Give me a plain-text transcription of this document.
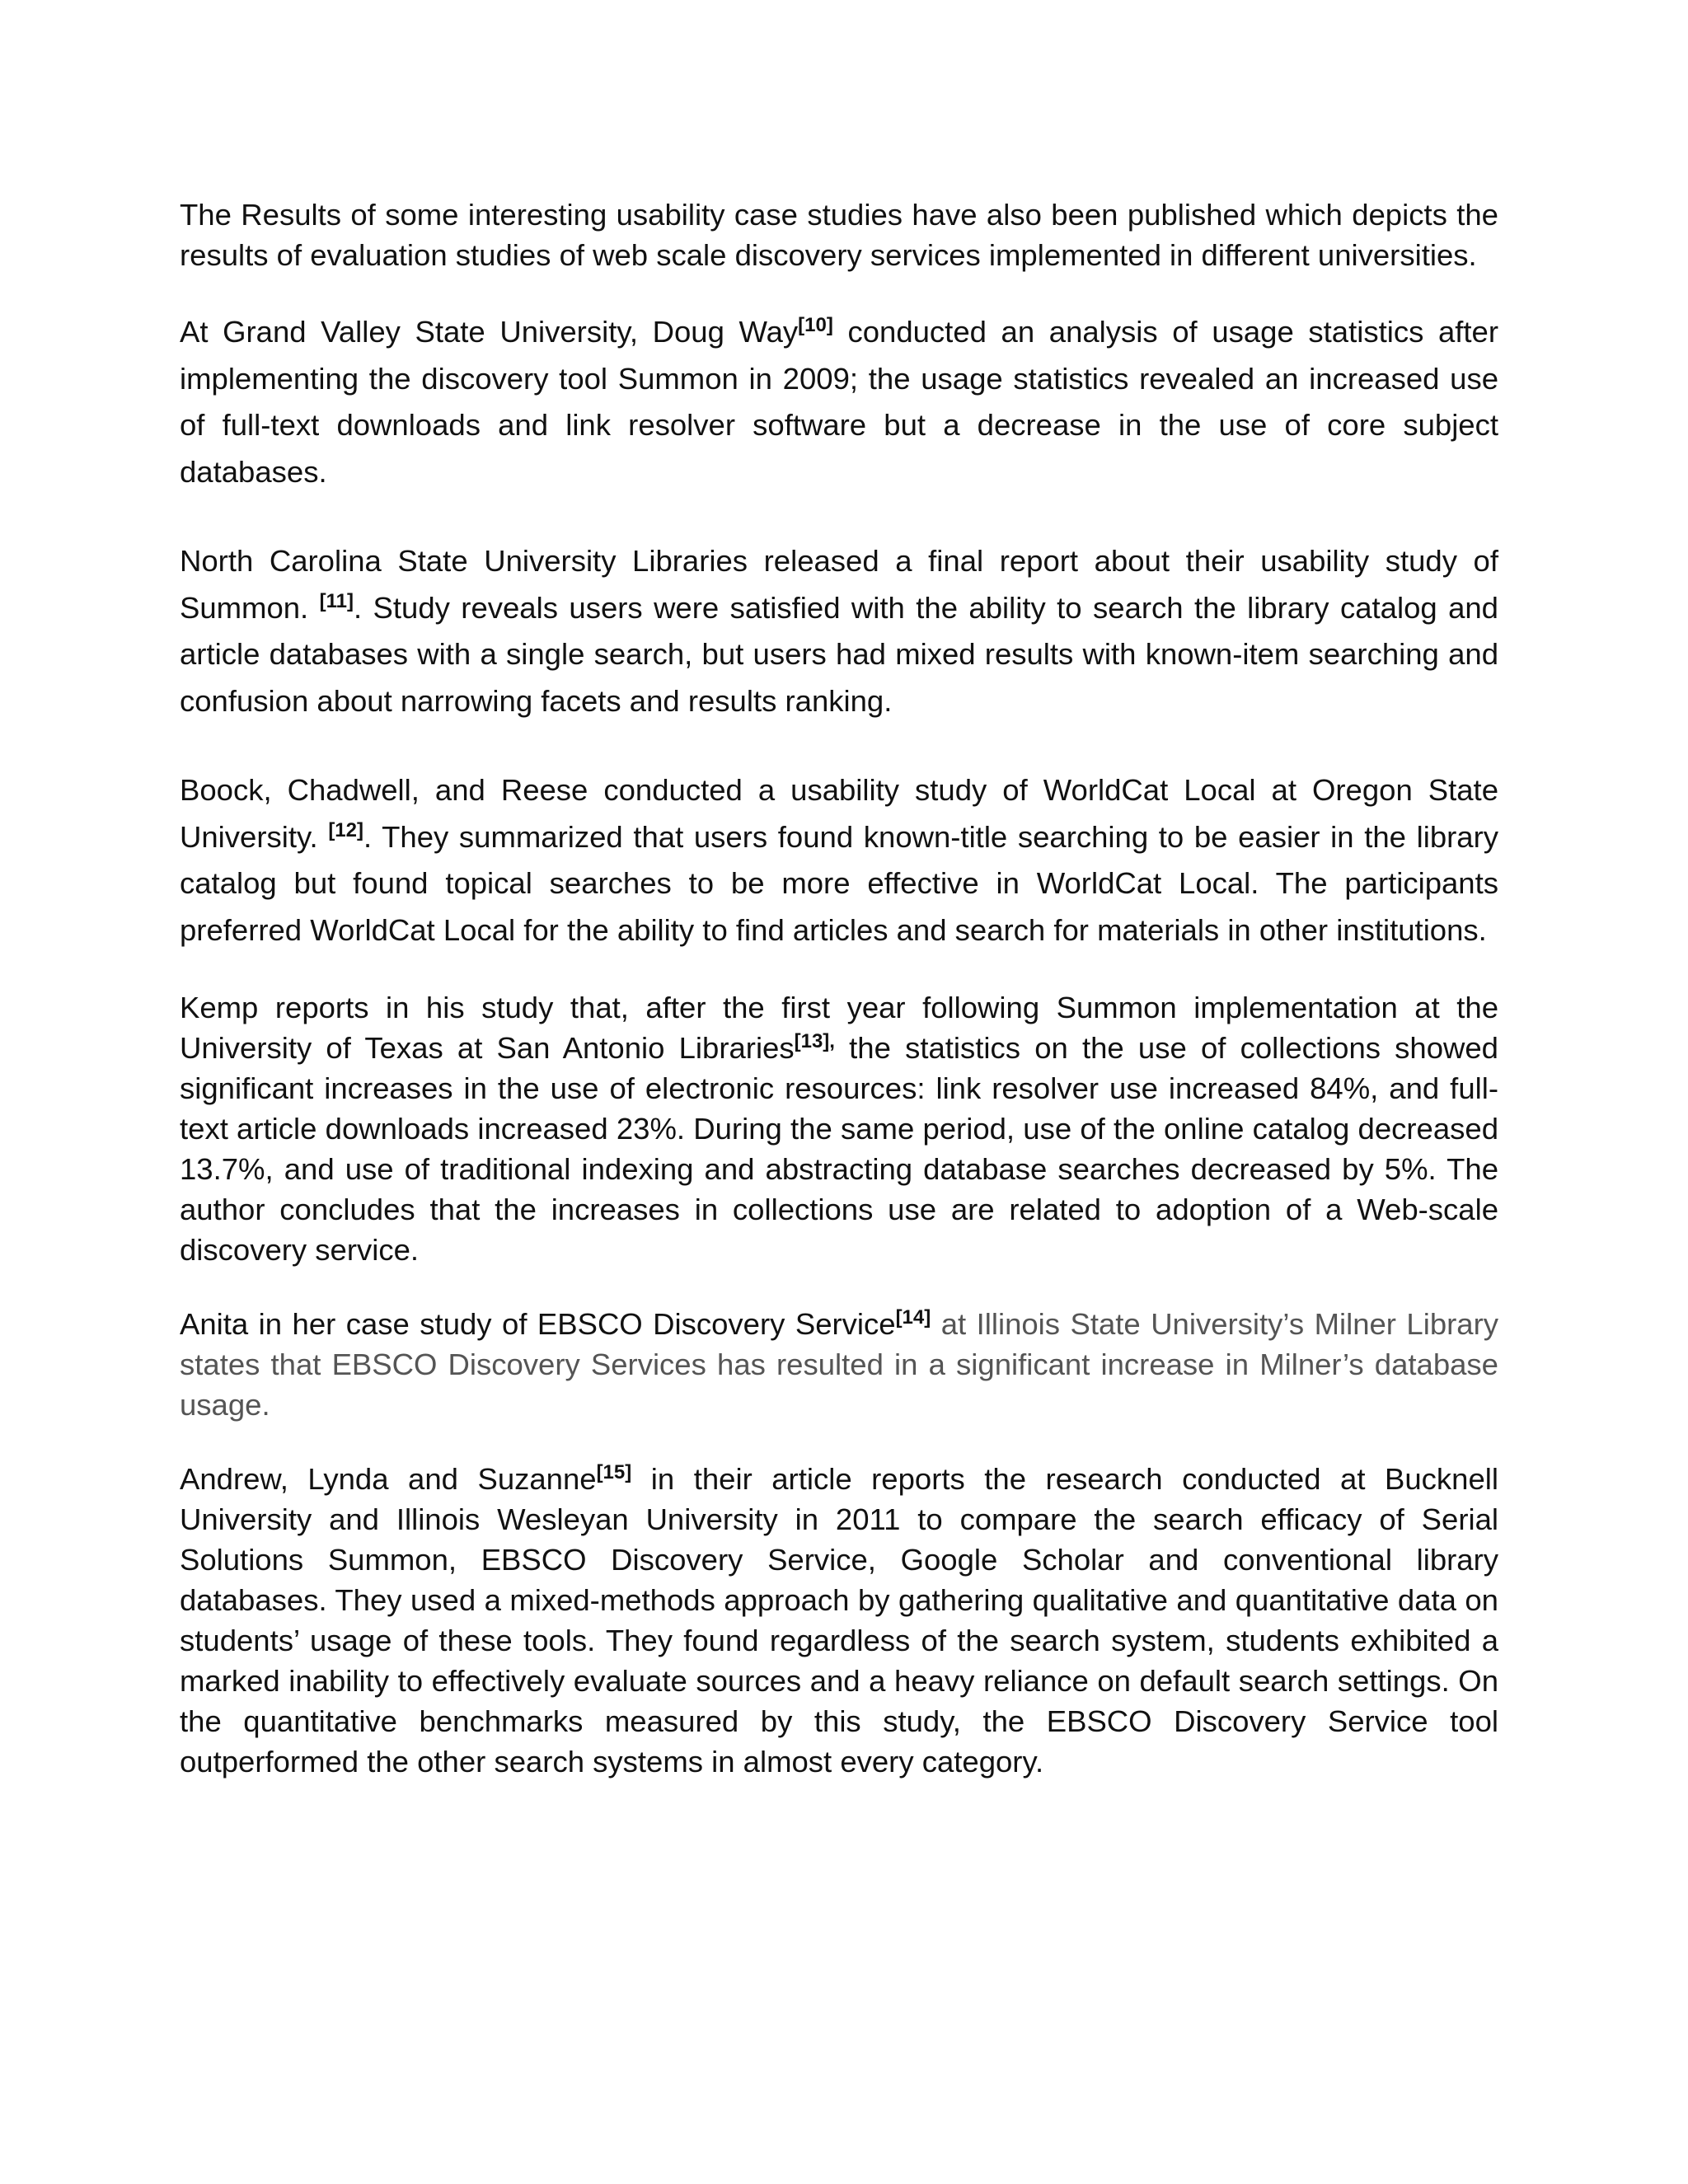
The Results of some interesting usability case studies have also been published which depicts the results of evaluation studies of web scale discovery services implemented in different universities.

At Grand Valley State University, Doug Way[10] conducted an analysis of usage statistics after implementing the discovery tool Summon in 2009; the usage statistics revealed an increased use of full-text downloads and link resolver software but a decrease in the use of core subject databases.

North Carolina State University Libraries released a final report about their usability study of Summon. [11]. Study reveals users were satisfied with the ability to search the library catalog and article databases with a single search, but users had mixed results with known-item searching and confusion about narrowing facets and results ranking.

Boock, Chadwell, and Reese conducted a usability study of WorldCat Local at Oregon State University. [12]. They summarized that users found known-title searching to be easier in the library catalog but found topical searches to be more effective in WorldCat Local. The participants preferred WorldCat Local for the ability to find articles and search for materials in other institutions.

Kemp reports in his study that, after the first year following Summon implementation at the University of Texas at San Antonio Libraries$^{[13],}$ the statistics on the use of collections showed significant increases in the use of electronic resources: link resolver use increased 84%, and full-text article downloads increased 23%. During the same period, use of the online catalog decreased 13.7%, and use of traditional indexing and abstracting database searches decreased by 5%. The author concludes that the increases in collections use are related to adoption of a Web-scale discovery service.

Anita in her case study of EBSCO Discovery Service[14] at Illinois State University’s Milner Library states that EBSCO Discovery Services has resulted in a significant increase in Milner’s database usage.

Andrew, Lynda and Suzanne[15] in their article reports the research conducted at Bucknell University and Illinois Wesleyan University in 2011 to compare the search efficacy of Serial Solutions Summon, EBSCO Discovery Service, Google Scholar and conventional library databases. They used a mixed-methods approach by gathering qualitative and quantitative data on students’ usage of these tools. They found regardless of the search system, students exhibited a marked inability to effectively evaluate sources and a heavy reliance on default search settings. On the quantitative benchmarks measured by this study, the EBSCO Discovery Service tool outperformed the other search systems in almost every category.
